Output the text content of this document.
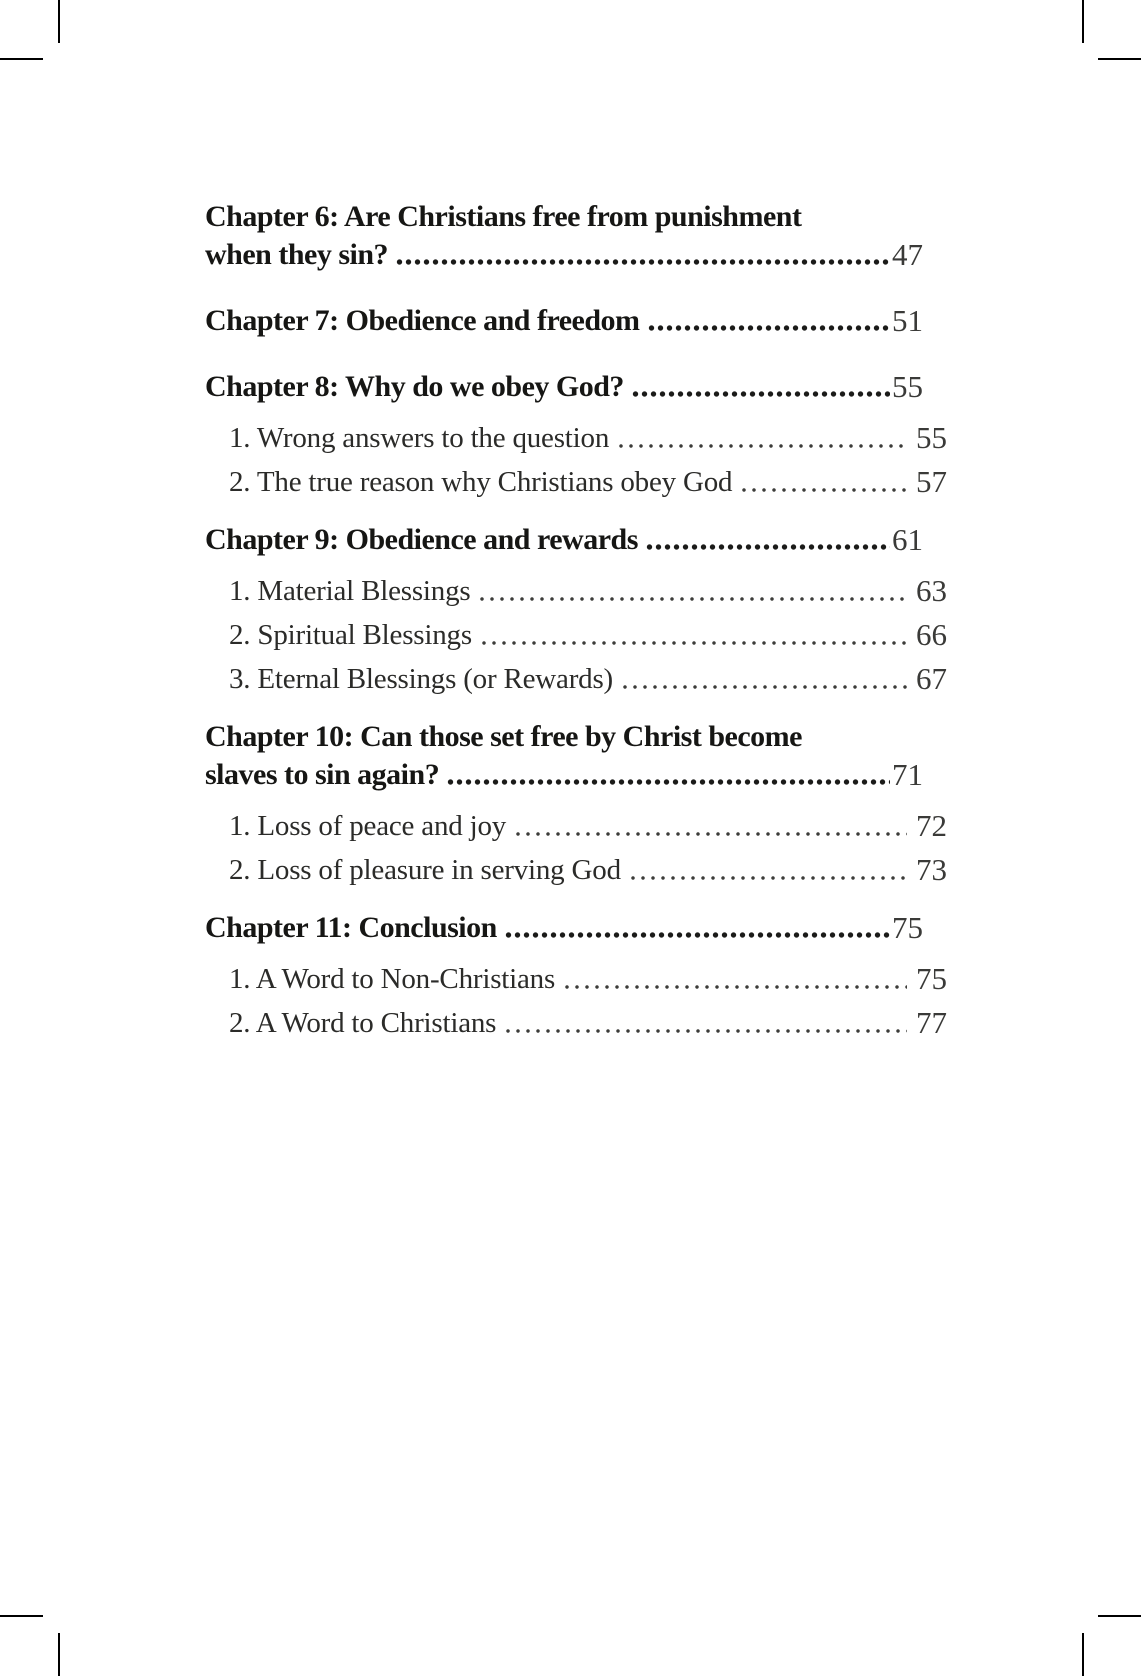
Chapter 6: Are Christians free from punishment
when they sin?	47
Chapter 7: Obedience and freedom	51
Chapter 8: Why do we obey God?	55
1. Wrong answers to the question	55
2. The true reason why Christians obey God	57
Chapter 9: Obedience and rewards	61
1. Material Blessings	63
2. Spiritual Blessings	66
3. Eternal Blessings (or Rewards)	67
Chapter 10: Can those set free by Christ become
slaves to sin again?	71
1. Loss of peace and joy	72
2. Loss of pleasure in serving God	73
Chapter 11: Conclusion	75
1. A Word to Non-Christians	75
2. A Word to Christians	77
